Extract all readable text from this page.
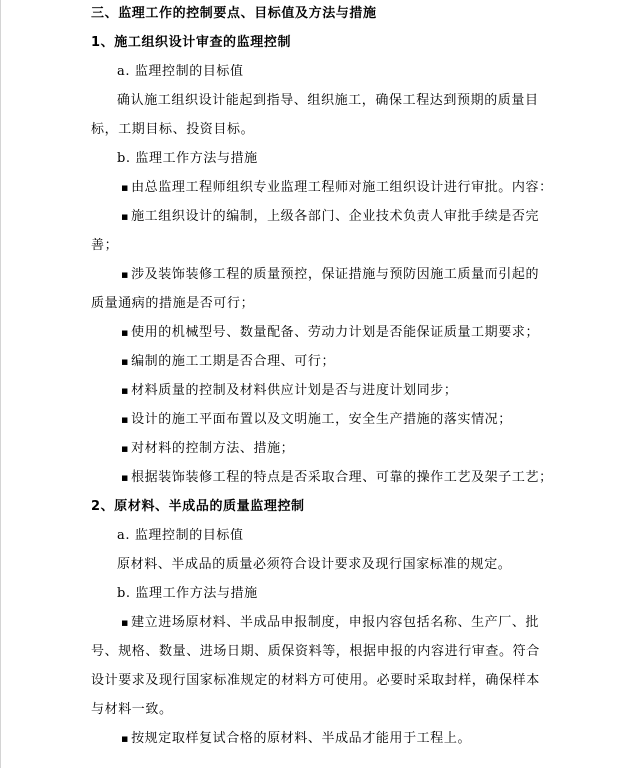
三、监理工作的控制要点、目标值及方法与措施
1、施工组织设计审查的监理控制
a. 监理控制的目标值
确认施工组织设计能起到指导、组织施工，确保工程达到预期的质量目
标，工期目标、投资目标。
b. 监理工作方法与措施
▪ 由总监理工程师组织专业监理工程师对施工组织设计进行审批。内容：
▪ 施工组织设计的编制，上级各部门、企业技术负责人审批手续是否完
善；
▪ 涉及装饰装修工程的质量预控，保证措施与预防因施工质量而引起的
质量通病的措施是否可行；
▪ 使用的机械型号、数量配备、劳动力计划是否能保证质量工期要求；
▪ 编制的施工工期是否合理、可行；
▪ 材料质量的控制及材料供应计划是否与进度计划同步；
▪ 设计的施工平面布置以及文明施工，安全生产措施的落实情况；
▪ 对材料的控制方法、措施；
▪ 根据装饰装修工程的特点是否采取合理、可靠的操作工艺及架子工艺；
2、原材料、半成品的质量监理控制
a. 监理控制的目标值
原材料、半成品的质量必须符合设计要求及现行国家标准的规定。
b. 监理工作方法与措施
▪ 建立进场原材料、半成品申报制度，申报内容包括名称、生产厂、批
号、规格、数量、进场日期、质保资料等，根据申报的内容进行审查。符合
设计要求及现行国家标准规定的材料方可使用。必要时采取封样，确保样本
与材料一致。
▪ 按规定取样复试合格的原材料、半成品才能用于工程上。
